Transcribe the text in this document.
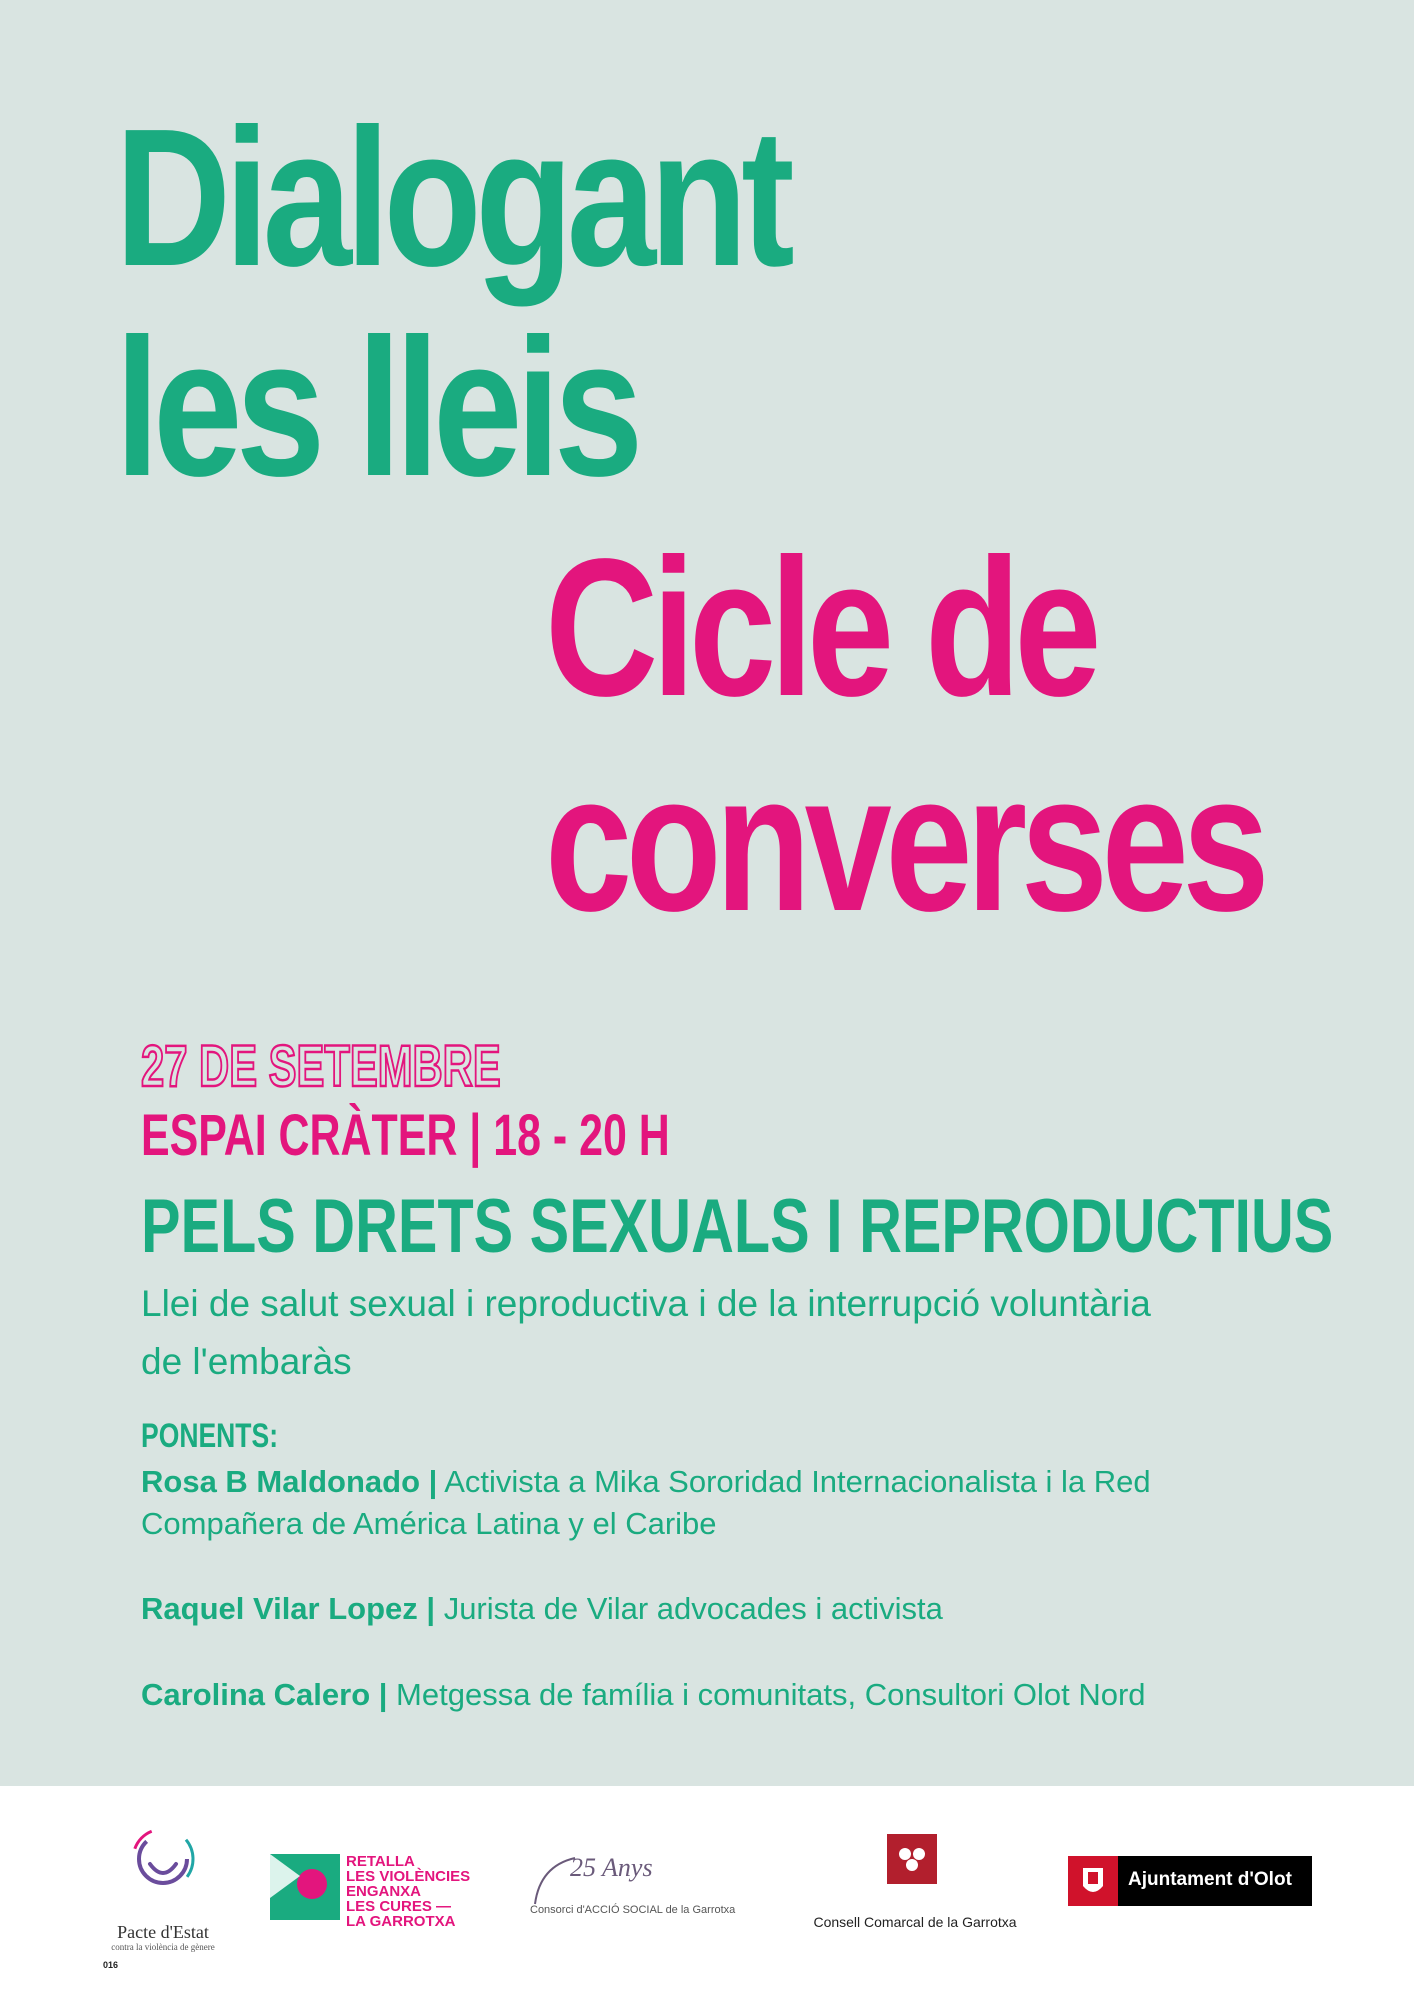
Dialogant
les lleis
Cicle de
converses
27 DE SETEMBRE
ESPAI CRÀTER | 18 - 20 H
PELS DRETS SEXUALS I REPRODUCTIUS
Llei de salut sexual i reproductiva i de la interrupció voluntària de l'embaràs
PONENTS:
Rosa B Maldonado | Activista a Mika Sororidad Internacionalista i la Red Compañera de América Latina y el Caribe
Raquel Vilar Lopez | Jurista de Vilar advocades i activista
Carolina Calero | Metgessa de família i comunitats, Consultori Olot Nord
Pacte d'Estat
contra la violència de gènere
016
RETALLA
LES VIOLÈNCIES
ENGANXA
LES CURES —
LA GARROTXA
25 Anys
Consorci d'ACCIÓ SOCIAL de la Garrotxa
Consell Comarcal de la Garrotxa
Ajuntament d'Olot
